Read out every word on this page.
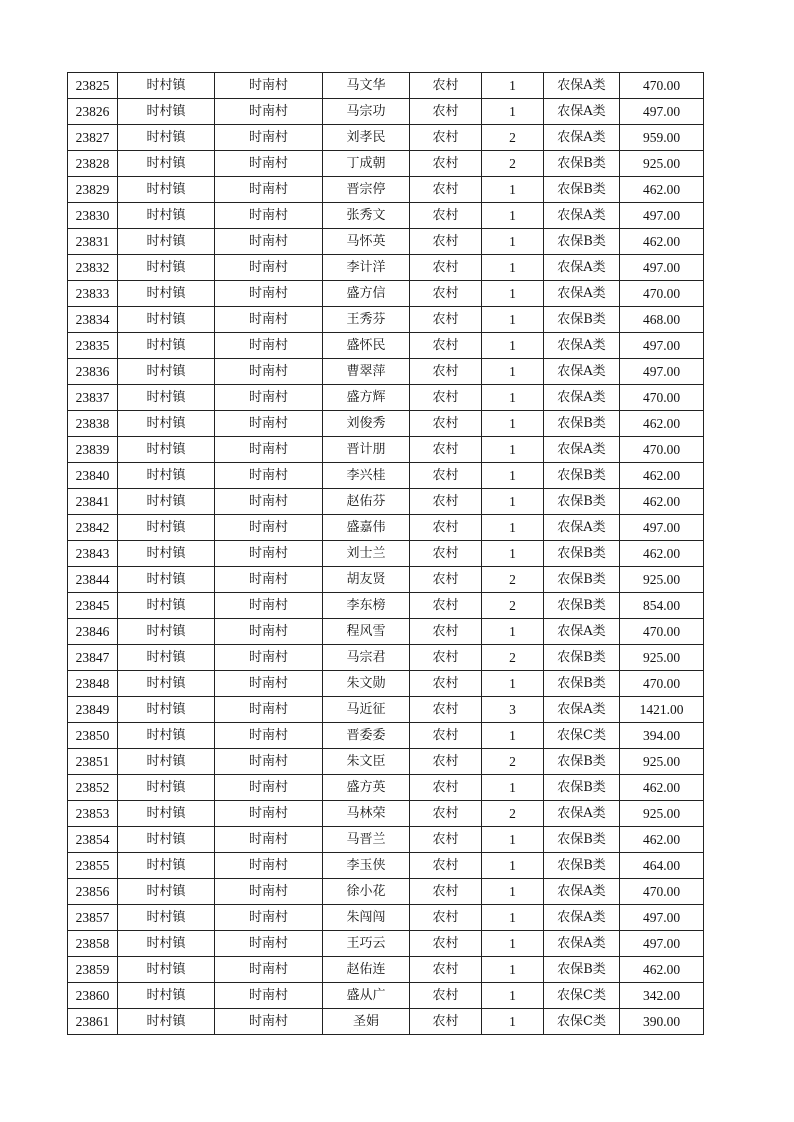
23825	时村镇	时南村	马文华	农村	1	农保A类	470.00
23826	时村镇	时南村	马宗功	农村	1	农保A类	497.00
23827	时村镇	时南村	刘孝民	农村	2	农保A类	959.00
23828	时村镇	时南村	丁成朝	农村	2	农保B类	925.00
23829	时村镇	时南村	晋宗停	农村	1	农保B类	462.00
23830	时村镇	时南村	张秀文	农村	1	农保A类	497.00
23831	时村镇	时南村	马怀英	农村	1	农保B类	462.00
23832	时村镇	时南村	李计洋	农村	1	农保A类	497.00
23833	时村镇	时南村	盛方信	农村	1	农保A类	470.00
23834	时村镇	时南村	王秀芬	农村	1	农保B类	468.00
23835	时村镇	时南村	盛怀民	农村	1	农保A类	497.00
23836	时村镇	时南村	曹翠萍	农村	1	农保A类	497.00
23837	时村镇	时南村	盛方辉	农村	1	农保A类	470.00
23838	时村镇	时南村	刘俊秀	农村	1	农保B类	462.00
23839	时村镇	时南村	晋计朋	农村	1	农保A类	470.00
23840	时村镇	时南村	李兴桂	农村	1	农保B类	462.00
23841	时村镇	时南村	赵佑芬	农村	1	农保B类	462.00
23842	时村镇	时南村	盛嘉伟	农村	1	农保A类	497.00
23843	时村镇	时南村	刘士兰	农村	1	农保B类	462.00
23844	时村镇	时南村	胡友贤	农村	2	农保B类	925.00
23845	时村镇	时南村	李东榜	农村	2	农保B类	854.00
23846	时村镇	时南村	程风雪	农村	1	农保A类	470.00
23847	时村镇	时南村	马宗君	农村	2	农保B类	925.00
23848	时村镇	时南村	朱文勋	农村	1	农保B类	470.00
23849	时村镇	时南村	马近征	农村	3	农保A类	1421.00
23850	时村镇	时南村	晋委委	农村	1	农保C类	394.00
23851	时村镇	时南村	朱文臣	农村	2	农保B类	925.00
23852	时村镇	时南村	盛方英	农村	1	农保B类	462.00
23853	时村镇	时南村	马林荣	农村	2	农保A类	925.00
23854	时村镇	时南村	马晋兰	农村	1	农保B类	462.00
23855	时村镇	时南村	李玉侠	农村	1	农保B类	464.00
23856	时村镇	时南村	徐小花	农村	1	农保A类	470.00
23857	时村镇	时南村	朱闯闯	农村	1	农保A类	497.00
23858	时村镇	时南村	王巧云	农村	1	农保A类	497.00
23859	时村镇	时南村	赵佑连	农村	1	农保B类	462.00
23860	时村镇	时南村	盛从广	农村	1	农保C类	342.00
23861	时村镇	时南村	圣娟	农村	1	农保C类	390.00
